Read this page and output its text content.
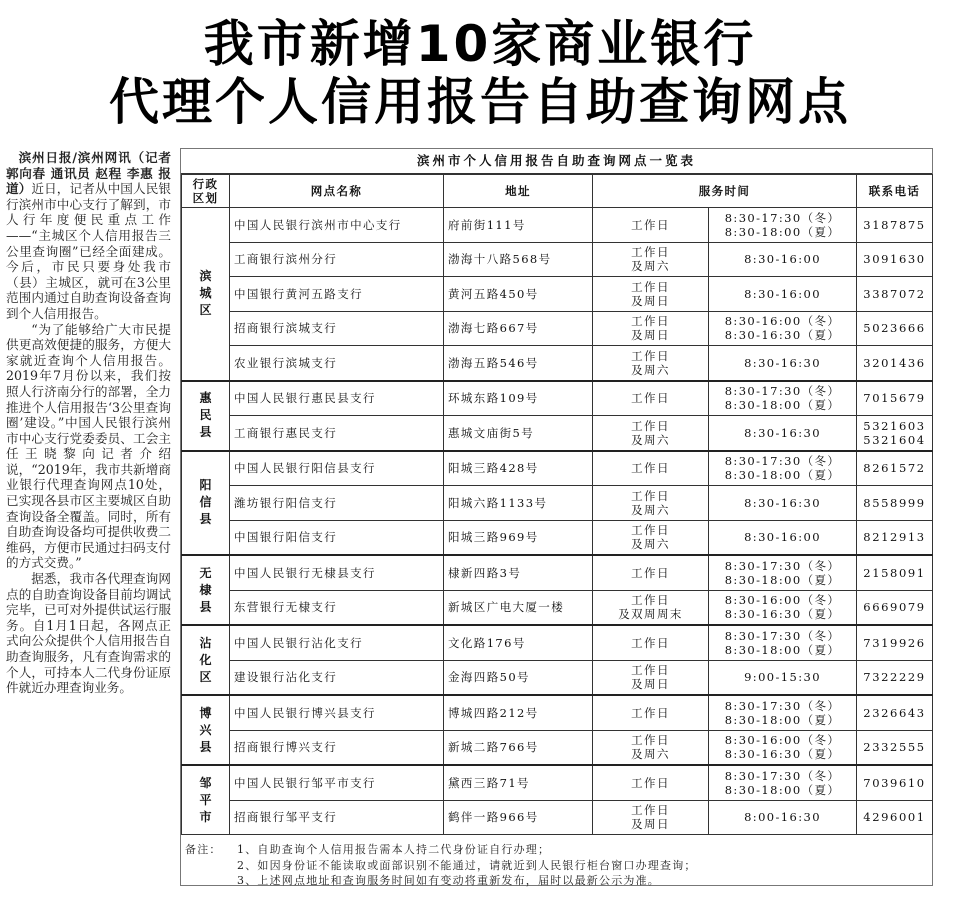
我市新增10家商业银行
代理个人信用报告自助查询网点

滨州日报/滨州网讯（记者 郭向春 通讯员 赵程 李惠 报道）近日，记者从中国人民银行滨州市中心支行了解到，市人行年度便民重点工作——“主城区个人信用报告三公里查询圈”已经全面建成。今后，市民只要身处我市（县）主城区，就可在3公里范围内通过自助查询设备查询到个人信用报告。

“为了能够给广大市民提供更高效便捷的服务，方便大家就近查询个人信用报告。2019年7月份以来，我们按照人行济南分行的部署，全力推进个人信用报告‘3公里查询圈’建设。”中国人民银行滨州市中心支行党委委员、工会主任王晓黎向记者介绍说，“2019年，我市共新增商业银行代理查询网点10处，已实现各县市区主要城区自助查询设备全覆盖。同时，所有自助查询设备均可提供收费二维码，方便市民通过扫码支付的方式交费。”

据悉，我市各代理查询网点的自助查询设备目前均调试完毕，已可对外提供试运行服务。自1月1日起，各网点正式向公众提供个人信用报告自助查询服务，凡有查询需求的个人，可持本人二代身份证原件就近办理查询业务。

滨州市个人信用报告自助查询网点一览表
行政
区划	网点名称	地址	服务时间		联系电话
滨
城
区	中国人民银行滨州市中心支行	府前街111号	工作日	8:30-17:30（冬）
8:30-18:00（夏）	3187875
	工商银行滨州分行	渤海十八路568号	工作日
及周六	8:30-16:00	3091630
	中国银行黄河五路支行	黄河五路450号	工作日
及周日	8:30-16:00	3387072
	招商银行滨城支行	渤海七路667号	工作日
及周日	8:30-16:00（冬）
8:30-16:30（夏）	5023666
	农业银行滨城支行	渤海五路546号	工作日
及周六	8:30-16:30	3201436
惠
民
县	中国人民银行惠民县支行	环城东路109号	工作日	8:30-17:30（冬）
8:30-18:00（夏）	7015679
	工商银行惠民支行	惠城文庙街5号	工作日
及周六	8:30-16:30	5321603
5321604
阳
信
县	中国人民银行阳信县支行	阳城三路428号	工作日	8:30-17:30（冬）
8:30-18:00（夏）	8261572
	潍坊银行阳信支行	阳城六路1133号	工作日
及周六	8:30-16:30	8558999
	中国银行阳信支行	阳城三路969号	工作日
及周六	8:30-16:00	8212913
无
棣
县	中国人民银行无棣县支行	棣新四路3号	工作日	8:30-17:30（冬）
8:30-18:00（夏）	2158091
	东营银行无棣支行	新城区广电大厦一楼	工作日
及双周周末	8:30-16:00（冬）
8:30-16:30（夏）	6669079
沾
化
区	中国人民银行沾化支行	文化路176号	工作日	8:30-17:30（冬）
8:30-18:00（夏）	7319926
	建设银行沾化支行	金海四路50号	工作日
及周日	9:00-15:30	7322229
博
兴
县	中国人民银行博兴县支行	博城四路212号	工作日	8:30-17:30（冬）
8:30-18:00（夏）	2326643
	招商银行博兴支行	新城二路766号	工作日
及周六	8:30-16:00（冬）
8:30-16:30（夏）	2332555
邹
平
市	中国人民银行邹平市支行	黛西三路71号	工作日	8:30-17:30（冬）
8:30-18:00（夏）	7039610
	招商银行邹平支行	鹤伴一路966号	工作日
及周日	8:00-16:30	4296001
备注： 1、自助查询个人信用报告需本人持二代身份证自行办理；
2、如因身份证不能读取或面部识别不能通过，请就近到人民银行柜台窗口办理查询；
3、上述网点地址和查询服务时间如有变动将重新发布，届时以最新公示为准。
